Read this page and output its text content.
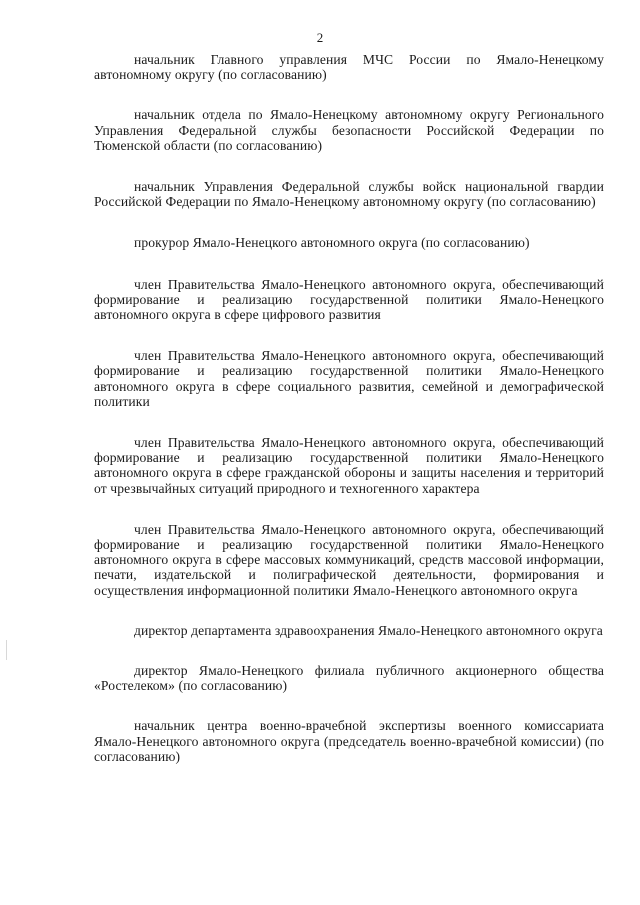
2

начальник Главного управления МЧС России по Ямало-Ненецкому автономному округу (по согласованию)

начальник отдела по Ямало-Ненецкому автономному округу Регионального Управления Федеральной службы безопасности Российской Федерации по Тюменской области (по согласованию)

начальник Управления Федеральной службы войск национальной гвардии Российской Федерации по Ямало-Ненецкому автономному округу (по согласованию)

прокурор Ямало-Ненецкого автономного округа (по согласованию)

член Правительства Ямало-Ненецкого автономного округа, обеспечивающий формирование и реализацию государственной политики Ямало-Ненецкого автономного округа в сфере цифрового развития

член Правительства Ямало-Ненецкого автономного округа, обеспечивающий формирование и реализацию государственной политики Ямало-Ненецкого автономного округа в сфере социального развития, семейной и демографической политики

член Правительства Ямало-Ненецкого автономного округа, обеспечивающий формирование и реализацию государственной политики Ямало-Ненецкого автономного округа в сфере гражданской обороны и защиты населения и территорий от чрезвычайных ситуаций природного и техногенного характера

член Правительства Ямало-Ненецкого автономного округа, обеспечивающий формирование и реализацию государственной политики Ямало-Ненецкого автономного округа в сфере массовых коммуникаций, средств массовой информации, печати, издательской и полиграфической деятельности, формирования и осуществления информационной политики Ямало-Ненецкого автономного округа

директор департамента здравоохранения Ямало-Ненецкого автономного округа

директор Ямало-Ненецкого филиала публичного акционерного общества «Ростелеком» (по согласованию)

начальник центра военно-врачебной экспертизы военного комиссариата Ямало-Ненецкого автономного округа (председатель военно-врачебной комиссии) (по согласованию)
